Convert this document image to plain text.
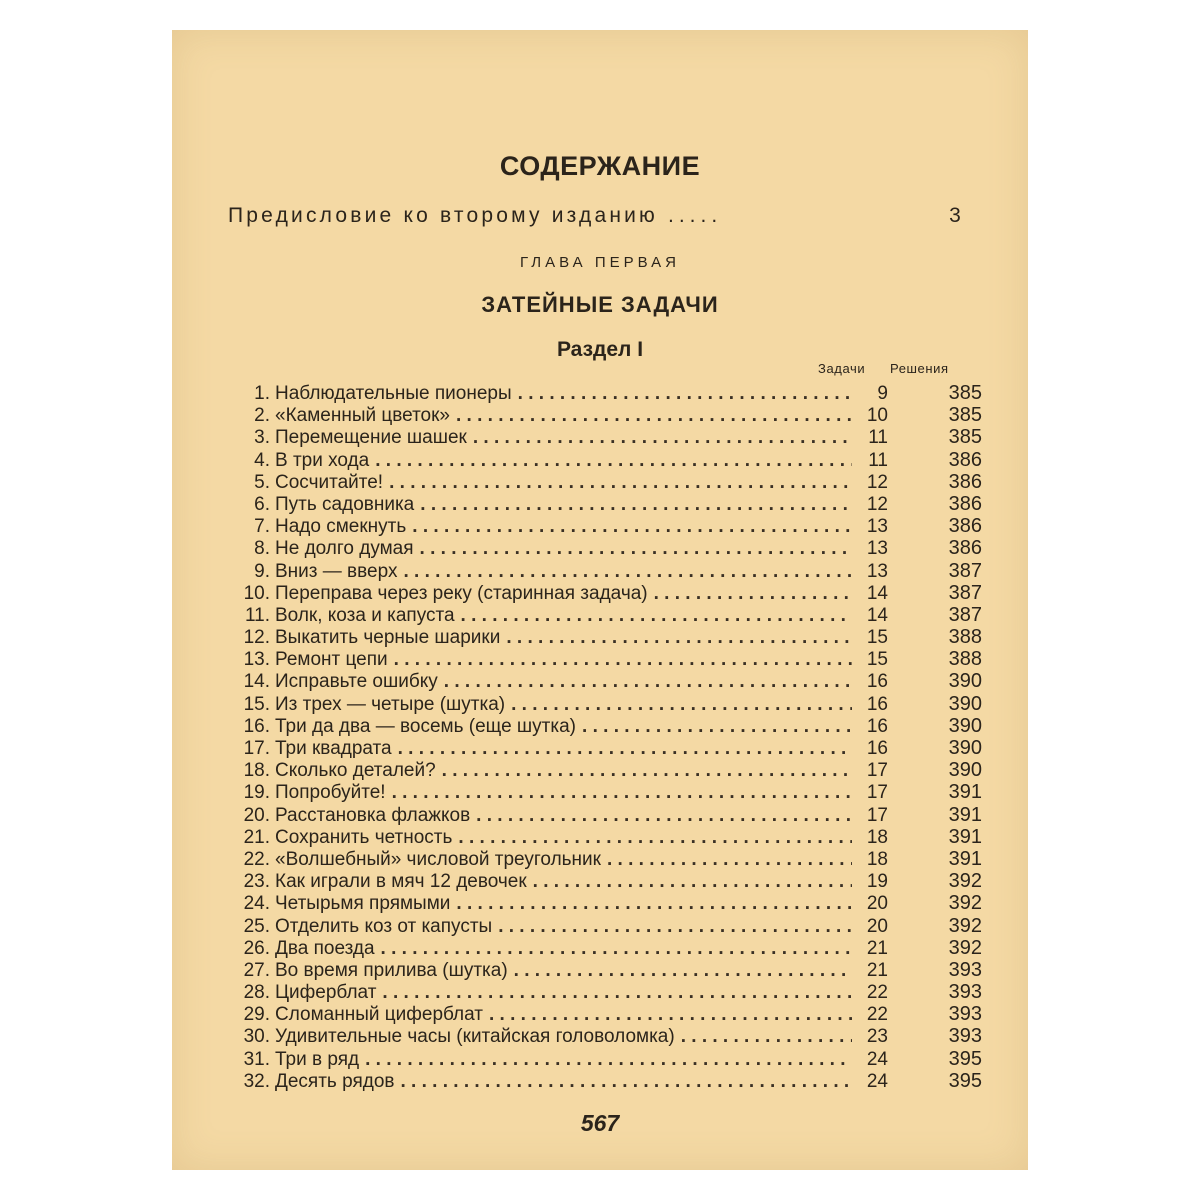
СОДЕРЖАНИЕ
Предисловие ко второму изданию .....	3
ГЛАВА ПЕРВАЯ
ЗАТЕЙНЫЕ ЗАДАЧИ
Раздел I
Задачи Решения
1. Наблюдательные пионеры . . .	9	385
2. «Каменный цветок» . . .	10	385
3. Перемещение шашек . . .	11	385
4. В три хода . . .	11	386
5. Сосчитайте! . . .	12	386
6. Путь садовника . . .	12	386
7. Надо смекнуть . . .	13	386
8. Не долго думая . . .	13	386
9. Вниз — вверх . . .	13	387
10. Переправа через реку (старинная задача) . . .	14	387
11. Волк, коза и капуста . . .	14	387
12. Выкатить черные шарики . . .	15	388
13. Ремонт цепи . . .	15	388
14. Исправьте ошибку . . .	16	390
15. Из трех — четыре (шутка) . . .	16	390
16. Три да два — восемь (еще шутка) . . .	16	390
17. Три квадрата . . .	16	390
18. Сколько деталей? . . .	17	390
19. Попробуйте! . . .	17	391
20. Расстановка флажков . . .	17	391
21. Сохранить четность . . .	18	391
22. «Волшебный» числовой треугольник . . .	18	391
23. Как играли в мяч 12 девочек . . .	19	392
24. Четырьмя прямыми . . .	20	392
25. Отделить коз от капусты . . .	20	392
26. Два поезда . . .	21	392
27. Во время прилива (шутка) . . .	21	393
28. Циферблат . . .	22	393
29. Сломанный циферблат . . .	22	393
30. Удивительные часы (китайская головоломка) . . .	23	393
31. Три в ряд . . .	24	395
32. Десять рядов . . .	24	395
567
